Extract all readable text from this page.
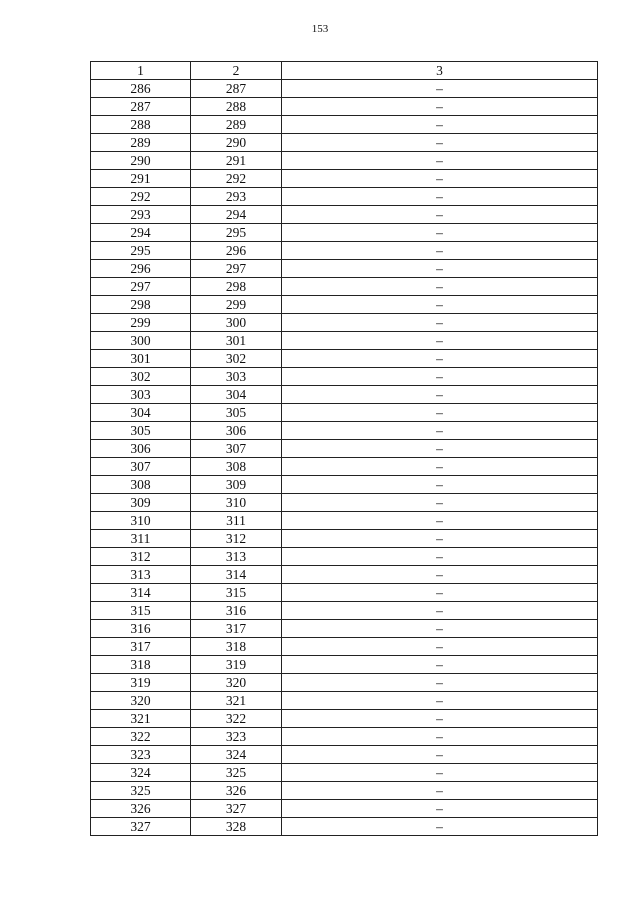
153
1	2	3
286	287	–
287	288	–
288	289	–
289	290	–
290	291	–
291	292	–
292	293	–
293	294	–
294	295	–
295	296	–
296	297	–
297	298	–
298	299	–
299	300	–
300	301	–
301	302	–
302	303	–
303	304	–
304	305	–
305	306	–
306	307	–
307	308	–
308	309	–
309	310	–
310	311	–
311	312	–
312	313	–
313	314	–
314	315	–
315	316	–
316	317	–
317	318	–
318	319	–
319	320	–
320	321	–
321	322	–
322	323	–
323	324	–
324	325	–
325	326	–
326	327	–
327	328	–
